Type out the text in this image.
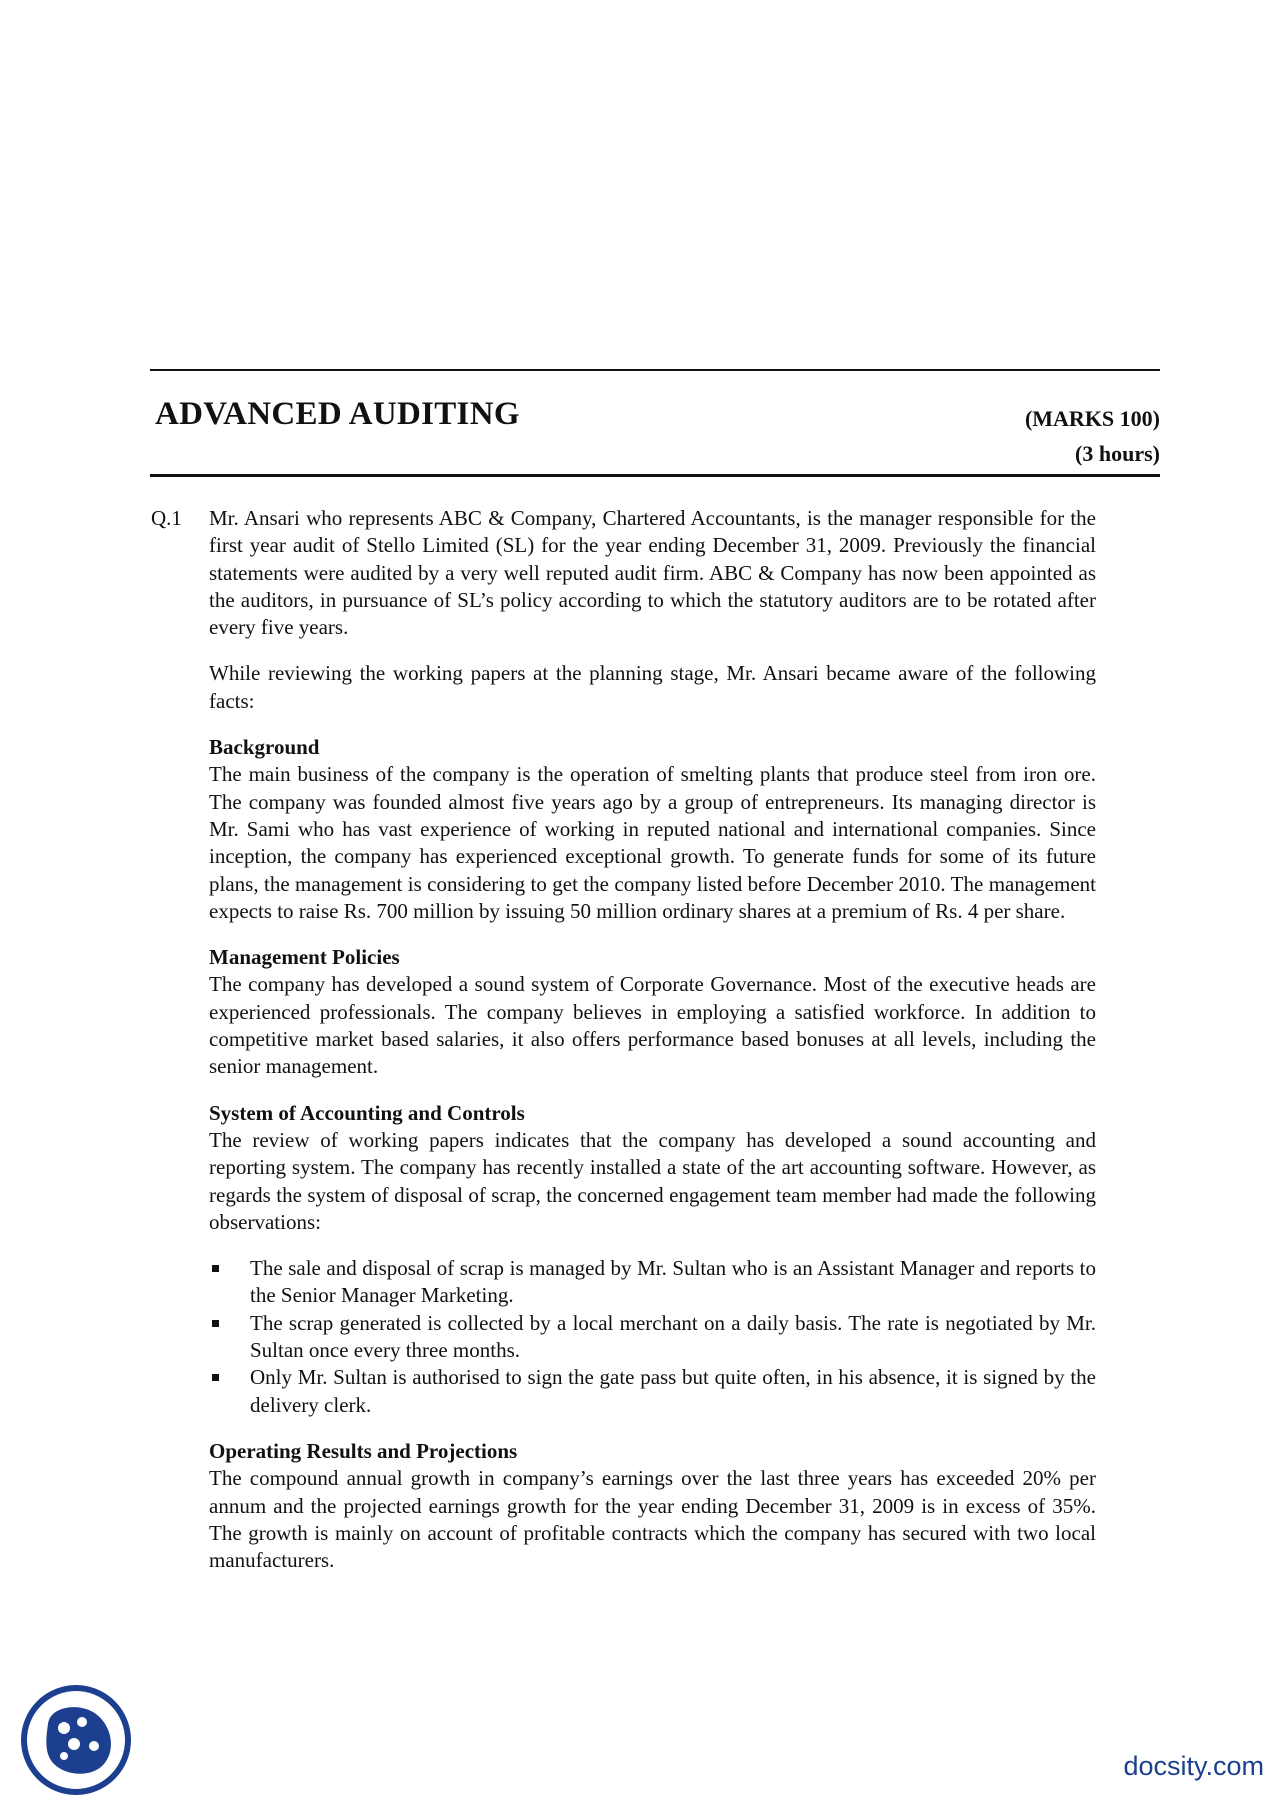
ADVANCED AUDITING	(MARKS 100)
(3 hours)
Q.1 Mr. Ansari who represents ABC & Company, Chartered Accountants, is the manager responsible for the first year audit of Stello Limited (SL) for the year ending December 31, 2009. Previously the financial statements were audited by a very well reputed audit firm. ABC & Company has now been appointed as the auditors, in pursuance of SL’s policy according to which the statutory auditors are to be rotated after every five years.

While reviewing the working papers at the planning stage, Mr. Ansari became aware of the following facts:

Background

The main business of the company is the operation of smelting plants that produce steel from iron ore. The company was founded almost five years ago by a group of entrepreneurs. Its managing director is Mr. Sami who has vast experience of working in reputed national and international companies. Since inception, the company has experienced exceptional growth. To generate funds for some of its future plans, the management is considering to get the company listed before December 2010. The management expects to raise Rs. 700 million by issuing 50 million ordinary shares at a premium of Rs. 4 per share.

Management Policies

The company has developed a sound system of Corporate Governance. Most of the executive heads are experienced professionals. The company believes in employing a satisfied workforce. In addition to competitive market based salaries, it also offers performance based bonuses at all levels, including the senior management.

System of Accounting and Controls

The review of working papers indicates that the company has developed a sound accounting and reporting system. The company has recently installed a state of the art accounting software. However, as regards the system of disposal of scrap, the concerned engagement team member had made the following observations:

The sale and disposal of scrap is managed by Mr. Sultan who is an Assistant Manager and reports to the Senior Manager Marketing.
The scrap generated is collected by a local merchant on a daily basis. The rate is negotiated by Mr. Sultan once every three months.
Only Mr. Sultan is authorised to sign the gate pass but quite often, in his absence, it is signed by the delivery clerk.
Operating Results and Projections

The compound annual growth in company’s earnings over the last three years has exceeded 20% per annum and the projected earnings growth for the year ending December 31, 2009 is in excess of 35%. The growth is mainly on account of profitable contracts which the company has secured with two local manufacturers.

docsity.com
